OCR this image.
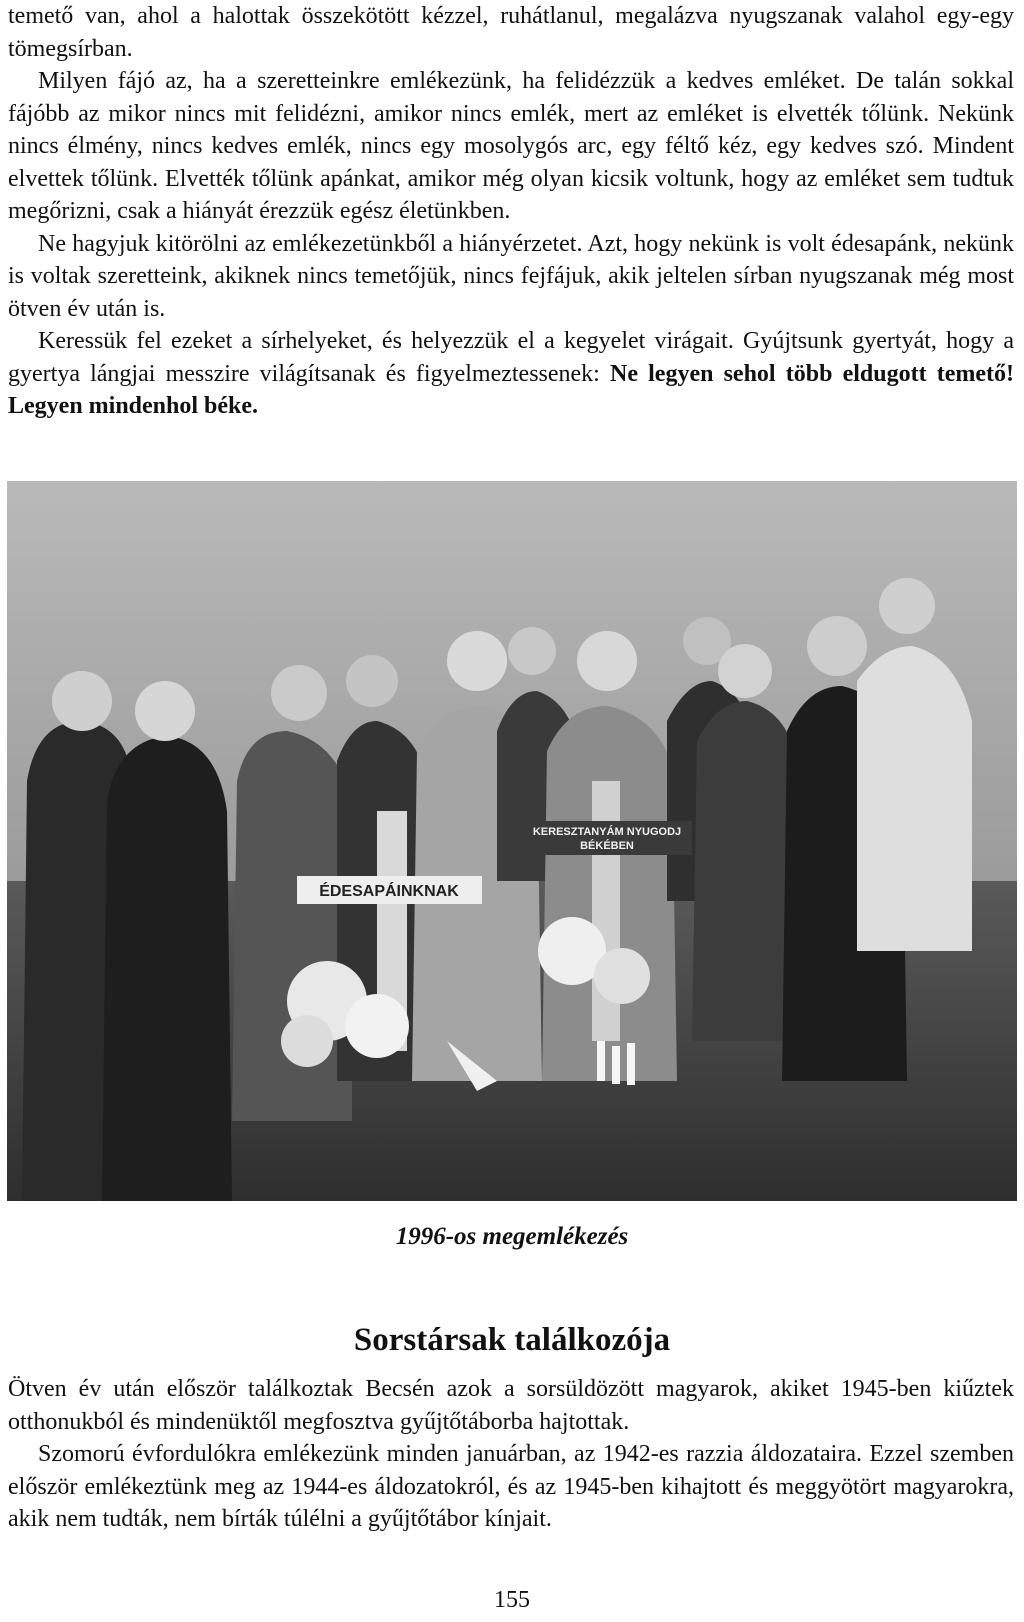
temető van, ahol a halottak összekötött kézzel, ruhátlanul, megalázva nyugszanak valahol egy-egy tömegsírban.

Milyen fájó az, ha a szeretteinkre emlékezünk, ha felidézzük a kedves emléket. De talán sokkal fájóbb az mikor nincs mit felidézni, amikor nincs emlék, mert az emléket is elvették tőlünk. Nekünk nincs élmény, nincs kedves emlék, nincs egy mosolygós arc, egy féltő kéz, egy kedves szó. Mindent elvettek tőlünk. Elvették tőlünk apánkat, amikor még olyan kicsik voltunk, hogy az emléket sem tudtuk megőrizni, csak a hiányát érezzük egész életünkben.

Ne hagyjuk kitörölni az emlékezetünkből a hiányérzetet. Azt, hogy nekünk is volt édesapánk, nekünk is voltak szeretteink, akiknek nincs temetőjük, nincs fejfájuk, akik jeltelen sírban nyugszanak még most ötven év után is.

Keressük fel ezeket a sírhelyeket, és helyezzük el a kegyelet virágait. Gyújtsunk gyertyát, hogy a gyertya lángjai messzire világítsanak és figyelmeztessenek: Ne legyen sehol több eldugott temető! Legyen mindenhol béke.

ÉDESAPÁINKNAK
KERESZTANYÁM NYUGODJ
BÉKÉBEN
1996-os megemlékezés
Sorstársak találkozója

Ötven év után először találkoztak Becsén azok a sorsüldözött magyarok, akiket 1945-ben kiűztek otthonukból és mindenüktől megfosztva gyűjtőtáborba hajtottak.

Szomorú évfordulókra emlékezünk minden januárban, az 1942-es razzia áldozataira. Ezzel szemben először emlékeztünk meg az 1944-es áldozatokról, és az 1945-ben kihajtott és meggyötört magyarokra, akik nem tudták, nem bírták túlélni a gyűjtőtábor kínjait.

155
